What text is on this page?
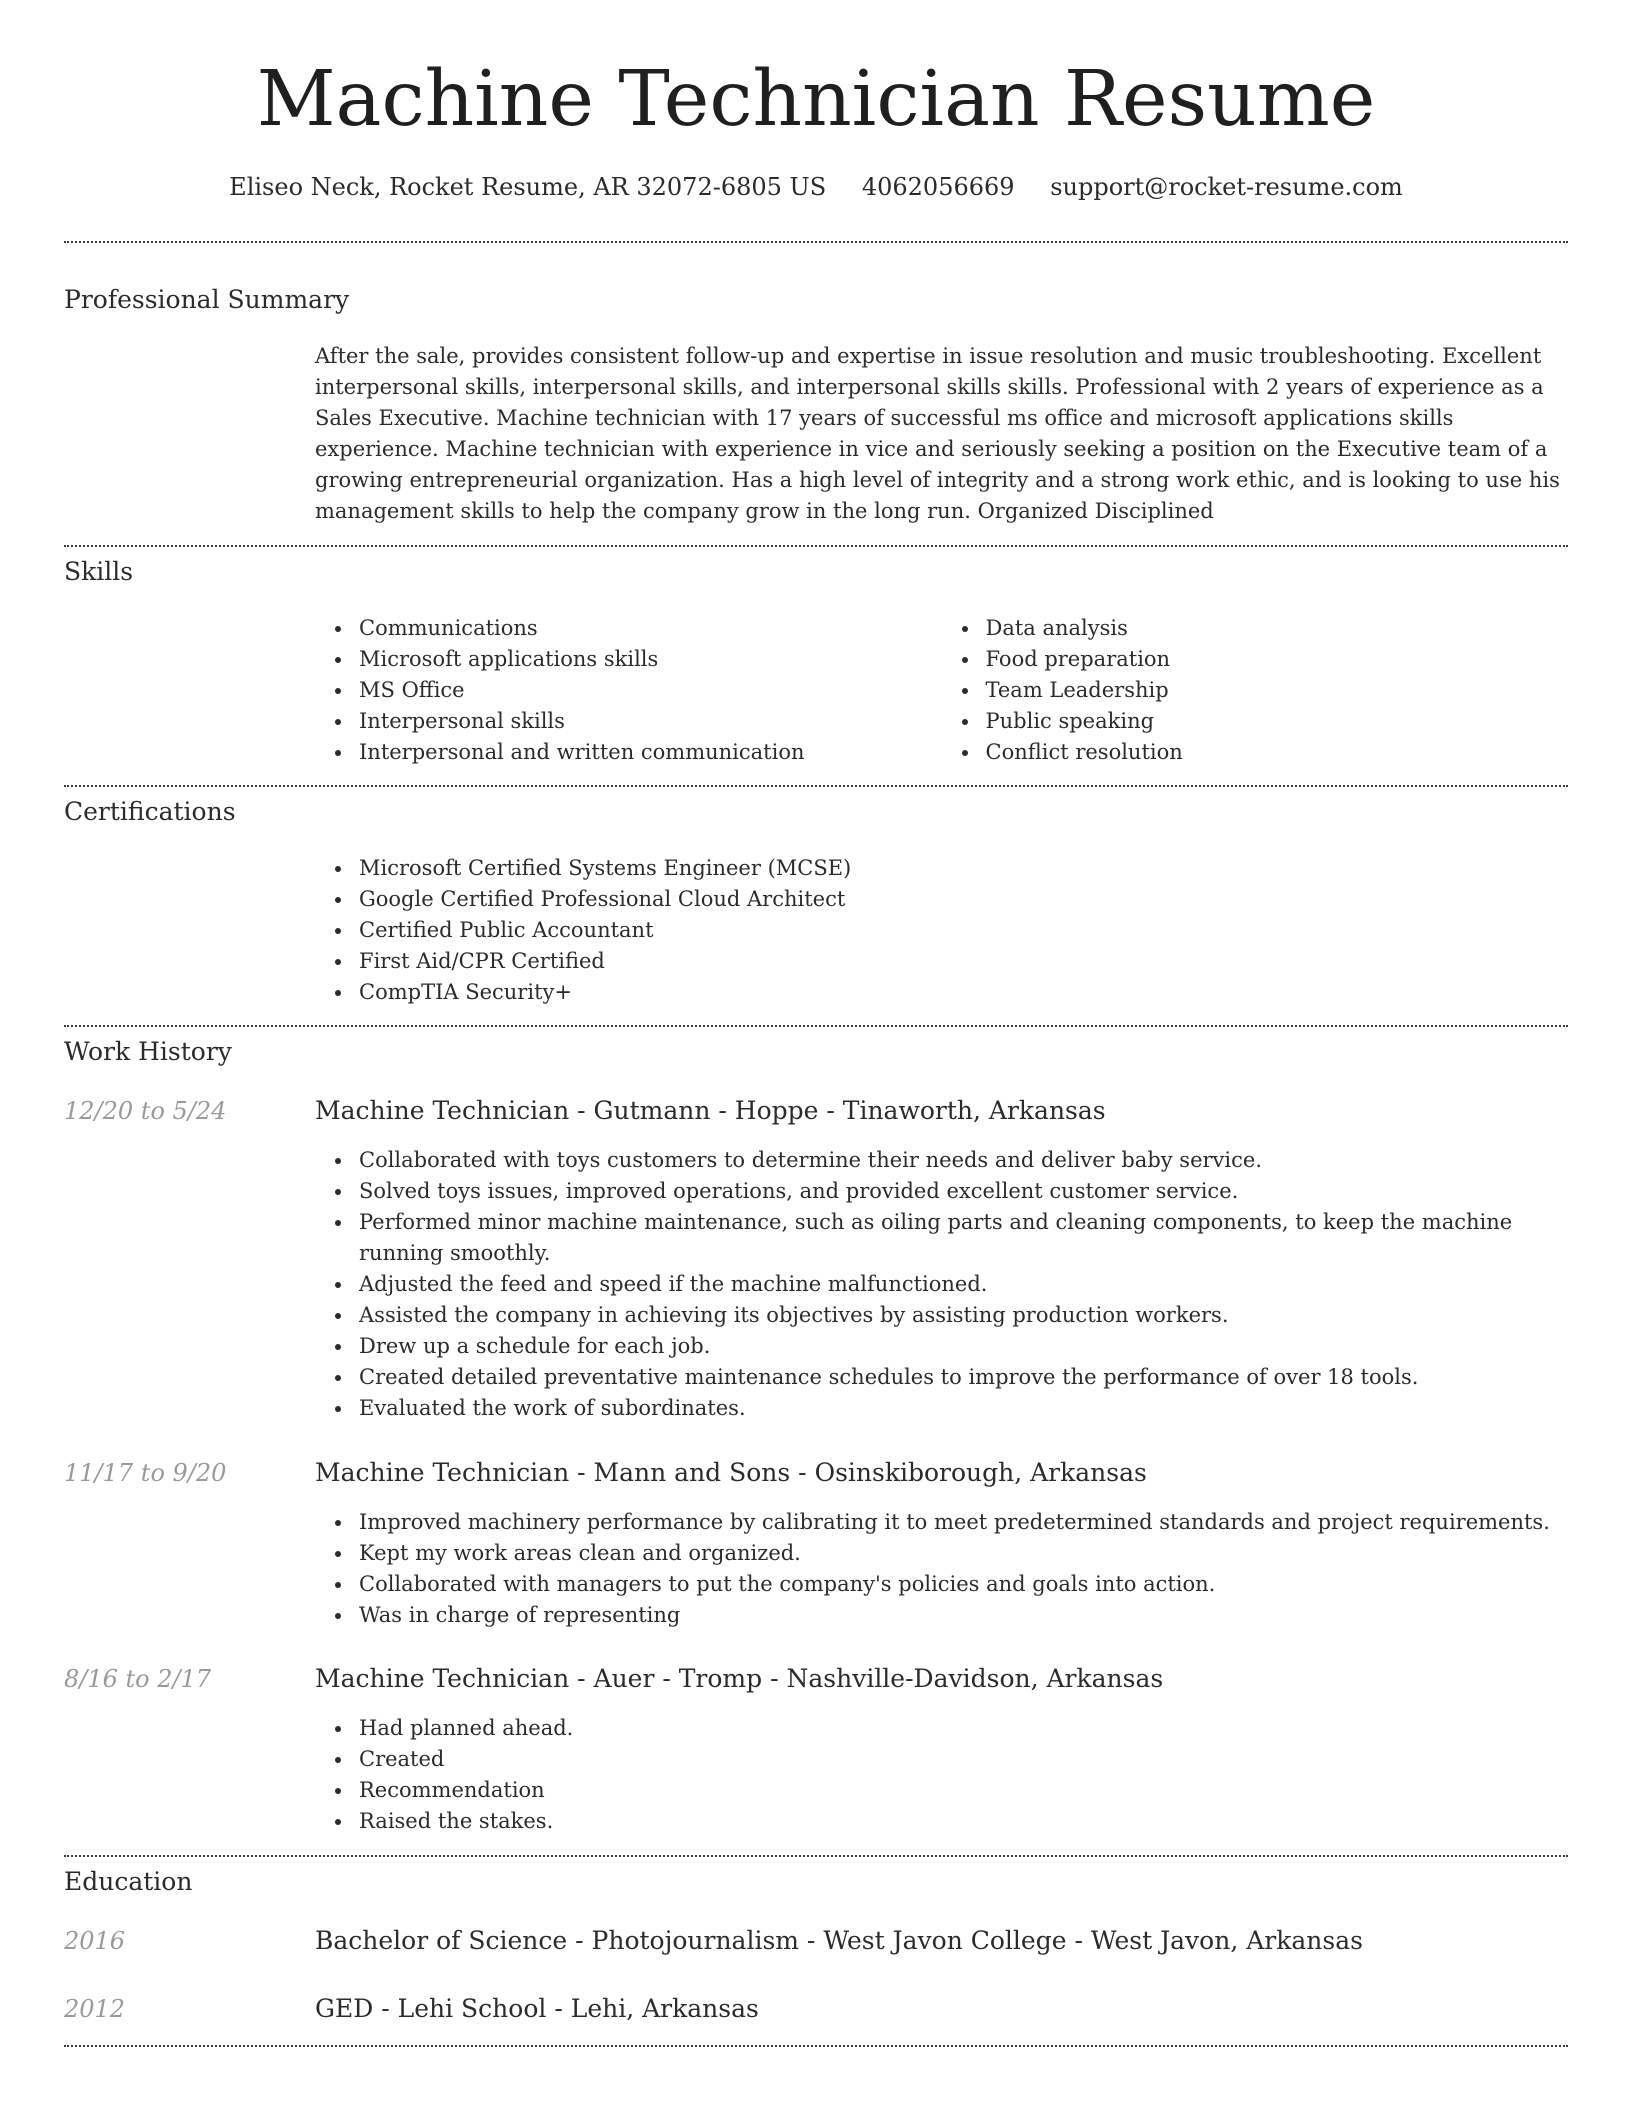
Machine Technician Resume
Eliseo Neck, Rocket Resume, AR 32072-6805 US 4062056669 support@rocket-resume.com
Professional Summary

After the sale, provides consistent follow-up and expertise in issue resolution and music troubleshooting. Excellent interpersonal skills, interpersonal skills, and interpersonal skills skills. Professional with 2 years of experience as a Sales Executive. Machine technician with 17 years of successful ms office and microsoft applications skills experience. Machine technician with experience in vice and seriously seeking a position on the Executive team of a growing entrepreneurial organization. Has a high level of integrity and a strong work ethic, and is looking to use his management skills to help the company grow in the long run. Organized Disciplined

Skills
Communications
Microsoft applications skills
MS Office
Interpersonal skills
Interpersonal and written communication
Data analysis
Food preparation
Team Leadership
Public speaking
Conflict resolution
Certifications
Microsoft Certified Systems Engineer (MCSE)
Google Certified Professional Cloud Architect
Certified Public Accountant
First Aid/CPR Certified
CompTIA Security+
Work History
12/20 to 5/24	Machine Technician - Gutmann - Hoppe - Tinaworth, Arkansas
Collaborated with toys customers to determine their needs and deliver baby service.
Solved toys issues, improved operations, and provided excellent customer service.
Performed minor machine maintenance, such as oiling parts and cleaning components, to keep the machine running smoothly.
Adjusted the feed and speed if the machine malfunctioned.
Assisted the company in achieving its objectives by assisting production workers.
Drew up a schedule for each job.
Created detailed preventative maintenance schedules to improve the performance of over 18 tools.
Evaluated the work of subordinates.
11/17 to 9/20	Machine Technician - Mann and Sons - Osinskiborough, Arkansas
Improved machinery performance by calibrating it to meet predetermined standards and project requirements.
Kept my work areas clean and organized.
Collaborated with managers to put the company's policies and goals into action.
Was in charge of representing
8/16 to 2/17	Machine Technician - Auer - Tromp - Nashville-Davidson, Arkansas
Had planned ahead.
Created
Recommendation
Raised the stakes.
Education
2016	Bachelor of Science - Photojournalism - West Javon College - West Javon, Arkansas
2012	GED - Lehi School - Lehi, Arkansas
